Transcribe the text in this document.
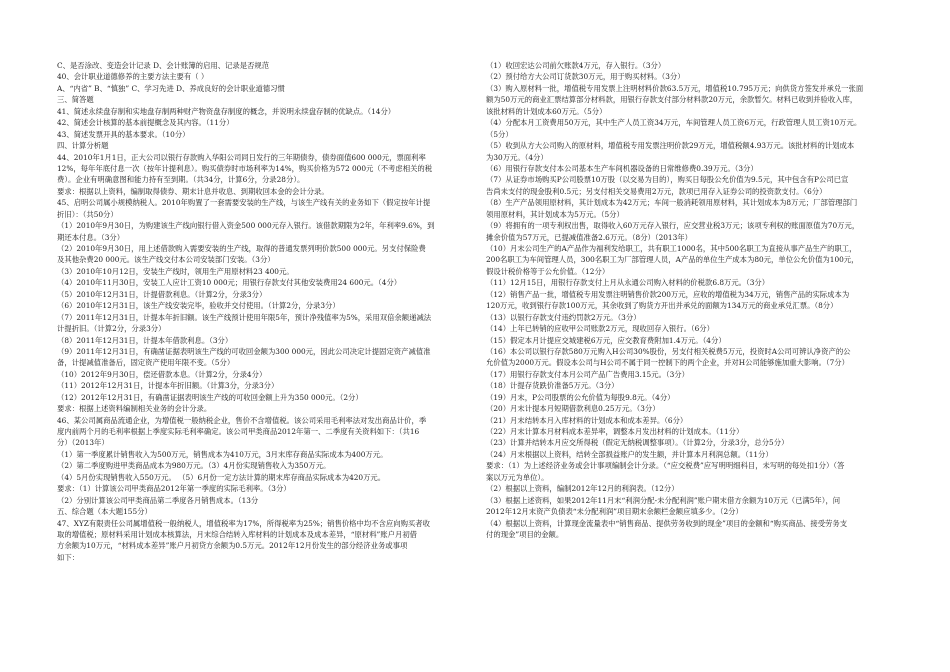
C、是否涂改、变造会计记录 D、会计账簿的启用、记录是否规范
40、会计职业道德修养的主要方法主要有（ ）
A、“内省” B、“慎独” C、学习先进 D、养成良好的会计职业道德习惯
三、简答题
41、简述永续盘存制和实地盘存制两种财产物资盘存制度的概念，并说明永续盘存制的优缺点。（14分）
42、简述会计核算的基本前提概念及其内容。（11分）
43、简述发票开具的基本要求。（10分）
四、计算分析题
44、2010年1月1日，正大公司以银行存款购入华阳公司同日发行的三年期债券，债券面值600 000元，票面利率
12%，每年年底付息一次（按年计提利息）。购买债券时市场利率为14%，购买价格为572 000元（不考虑相关的税
费）。企业有明确意图和能力持有至到期。（共34分，计算6分，分录28分）。
要求：根据以上资料，编制取得债券、期末计息并收息、到期收回本金的会计分录。
45、启明公司属小规模纳税人。2010年购置了一套需要安装的生产线，与该生产线有关的业务如下（假定按年计提
折旧）：（共50分）
（1）2010年9月30日，为购建该生产线向银行借入资金500 000元存入银行。该借款期限为2年，年利率9.6%，到
期还本付息。（3分）
（2）2010年9月30日，用上述借款购入需要安装的生产线，取得的普通发票列明价款500 000元。另支付保险费
及其他杂费20 000元。该生产线交付本公司安装部门安装。（3分）
（3）2010年10月12日，安装生产线时，领用生产用原材料23 400元。
（4）2010年11月30日，安装工人应计工资10 000元；用银行存款支付其他安装费用24 600元。（4分）
（5）2010年12月31日，计提借款利息。（计算2分，分录3分）
（6）2010年12月31日，该生产线安装完毕，验收并交付使用。（计算2分，分录3分）
（7）2011年12月31日，计提本年折旧额。该生产线预计使用年限5年，预计净残值率为5%，采用双倍余额递减法
计提折旧。（计算2分，分录3分）
（8）2011年12月31日，计提本年借款利息。（3分）
（9）2011年12月31日，有确凿证据表明该生产线的可收回金额为300 000元，因此公司决定计提固定资产减值准
备，计提减值准备后，固定资产使用年限不变。（5分）
（10）2012年9月30日，偿还借款本息。（计算2分，分录4分）
（11）2012年12月31日，计提本年折旧额。（计算3分，分录3分）
（12）2012年12月31日，有确凿证据表明该生产线的可收回金额上升为350 000元。（2分）
要求：根据上述资料编制相关业务的会计分录。
46、某公司属商品流通企业，为增值税一般纳税企业，售价不含增值税。该公司采用毛利率法对发出商品计价，季
度内前两个月的毛利率根据上季度实际毛利率确定。该公司甲类商品2012年第一、二季度有关资料如下：（共16
分）（2013年）
（1）第一季度累计销售收入为500万元，销售成本为410万元，3月末库存商品实际成本为400万元。
（2）第二季度购进甲类商品成本为980万元。（3）4月份实现销售收入为350万元。
（4）5月份实现销售收入550万元。 （5）6月份一定方法计算的期末库存商品实际成本为420万元。
要求：（1）计算该公司甲类商品2012年第一季度的实际毛利率。（3分）
（2）分别计算该公司甲类商品第二季度各月销售成本。（13分
五、综合题（本大题155分）
47、XYZ有限责任公司属增值税一般纳税人，增值税率为17%，所得税率为25%；销售价格中均不含应向购买者收
取的增值税；原材料采用计划成本核算法，月末综合结转入库材料的计划成本及成本差异，“原材料”账户月初借
方余额为10万元，“材料成本差异”账户月初贷方余额为0.5万元。2012年12月份发生的部分经济业务或事项
如下：
（1）收回宏达公司前欠账款4万元，存入银行。（3分）
（2）预付给方大公司订货款30万元，用于购买材料。（3分）
（3）购入原材料一批，增值税专用发票上注明材料价款63.5万元，增值税10.795万元；向供货方签发并承兑一张面
额为50万元的商业汇票结算部分材料款，用银行存款支付部分材料款20万元，余款暂欠。材料已收到并验收入库，
该批材料的计划成本60万元。（5分）
（4）分配本月工资费用50万元，其中生产人员工资34万元，车间管理人员工资6万元，行政管理人员工资10万元。
（5分）
（5）收到从方大公司购入的原材料，增值税专用发票注明价款29万元，增值税额4.93万元。该批材料的计划成本
为30万元。（4分）
（6）用银行存款支付本公司基本生产车间机器设备的日常维修费0.39万元。（3分）
（7）从证券市场购买P公司股票10万股（以交易为目的），购买日每股公允价值为9.5元，其中包含有P公司已宣
告尚未支付的现金股利0.5元；另支付相关交易费用2万元，款项已用存入证券公司的投资款支付。（6分）
（8）生产产品领用原材料，其计划成本为42万元；车间一般消耗领用原材料，其计划成本为8万元；厂部管理部门
领用原材料，其计划成本为5万元。（5分）
（9）将拥有的一项专利权出售，取得收入60万元存入银行，应交营业税3万元；该项专利权的账面原值为70万元，
摊余价值为57万元，已提减值准备2.6万元。（8分）（2013年）
（10）月末公司生产的A产品作为福利发给职工，共有职工1000名，其中500名职工为直接从事产品生产的职工，
200名职工为车间管理人员，300名职工为厂部管理人员，A产品的单位生产成本为80元，单位公允价值为100元，
假设计税价格等于公允价值。（12分）
（11）12月15日，用银行存款支付上月从永通公司购入材料的价税款6.8万元。（3分）
（12）销售产品一批，增值税专用发票注明销售价款200万元，应收的增值税为34万元，销售产品的实际成本为
120万元，收到银行存款100万元，其余收到了购货方开出并承兑的面额为134万元的商业承兑汇票。（8分）
（13）以银行存款支付违约罚款2万元。（3分）
（14）上年已转销的应收甲公司账款2万元，现收回存入银行。（6分）
（15）假定本月计提应交城建税6万元，应交教育费附加1.4万元。（4分）
（16）本公司以银行存款580万元购入H公司30%股份，另支付相关税费5万元，投资时A公司可辨认净资产的公
允价值为2000万元。假设本公司与H公司不属于同一控制下的两个企业，并对H公司能够施加重大影响。（7分）
（17）用银行存款支付本月公司产品广告费用3.15元。（3分）
（18）计提存货跌价准备5万元。（3分）
（19）月末，P公司股票的公允价值为每股9.8元。（4分）
（20）月末计提本月短期借款利息0.25万元。（3分）
（21）月末结转本月入库材料的计划成本和成本差异。（6分）
（22）月末计算本月材料成本差异率，调整本月发出材料的计划成本。（11分）
（23）计算并结转本月应交所得税（假定无纳税调整事项）。（计算2分，分录3分，总分5分）
（24）月末根据以上资料，结转全部损益账户的发生额，并计算本月利润总额。（11分）
要求：（1）为上述经济业务或会计事项编制会计分录。（“应交税费”应写明明细科目，未写明的每处扣1分）（答
案以万元为单位）。
（2）根据以上资料，编制2012年12月的利润表。（12分）
（3）根据上述资料，如果2012年11月末“利润分配-未分配利润”账户期末借方余额为10万元（已满5年），问
2012年12月末资产负债表“未分配利润”项目期末余额栏金额应填多少。（2分）
（4）根据以上资料，计算现金流量表中“销售商品、提供劳务收到的现金”项目的金额和“购买商品、接受劳务支
付的现金”项目的金额。
